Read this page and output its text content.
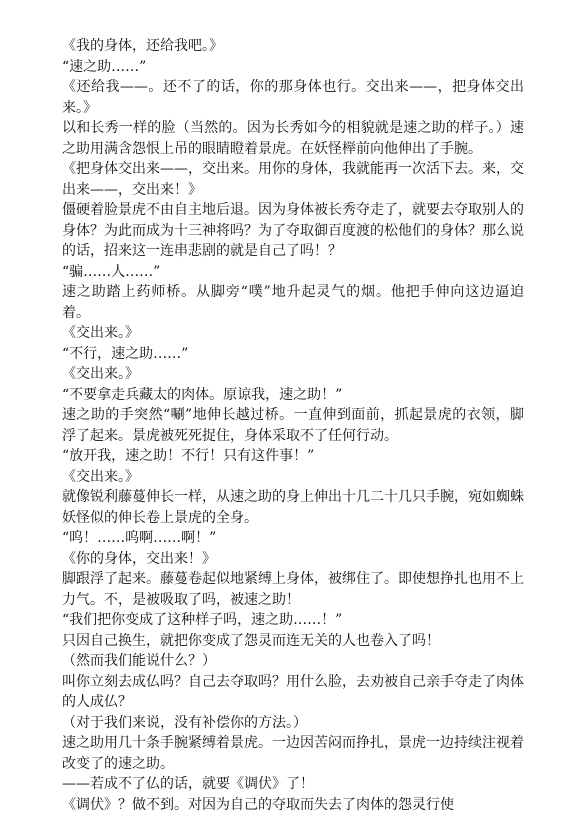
《我的身体，还给我吧。》

“速之助……”

《还给我——。还不了的话，你的那身体也行。交出来——，把身体交出来。》

以和长秀一样的脸（当然的。因为长秀如今的相貌就是速之助的样子。）速之助用满含怨恨上吊的眼睛瞪着景虎。在妖怪榉前向他伸出了手腕。

《把身体交出来——，交出来。用你的身体，我就能再一次活下去。来，交出来——，交出来！》

僵硬着脸景虎不由自主地后退。因为身体被长秀夺走了，就要去夺取别人的身体？为此而成为十三神将吗？为了夺取御百度渡的松他们的身体？那么说的话，招来这一连串悲剧的就是自己了吗！？

“骗……人……”

速之助踏上药师桥。从脚旁“噗”地升起灵气的烟。他把手伸向这边逼迫着。

《交出来。》

“不行，速之助……”

《交出来。》

“不要拿走兵藏太的肉体。原谅我，速之助！”

速之助的手突然“唰”地伸长越过桥。一直伸到面前，抓起景虎的衣领，脚浮了起来。景虎被死死捉住，身体采取不了任何行动。

“放开我，速之助！不行！只有这件事！”

《交出来。》

就像锐利藤蔓伸长一样，从速之助的身上伸出十几二十几只手腕，宛如蜘蛛妖怪似的伸长卷上景虎的全身。

“呜！……呜啊……啊！”

《你的身体，交出来！》

脚跟浮了起来。藤蔓卷起似地紧缚上身体，被绑住了。即使想挣扎也用不上力气。不，是被吸取了吗，被速之助！

“我们把你变成了这种样子吗，速之助……！”

只因自己换生，就把你变成了怨灵而连无关的人也卷入了吗！

（然而我们能说什么？）

叫你立刻去成仏吗？自己去夺取吗？用什么脸，去劝被自己亲手夺走了肉体的人成仏？

（对于我们来说，没有补偿你的方法。）

速之助用几十条手腕紧缚着景虎。一边因苦闷而挣扎，景虎一边持续注视着改变了的速之助。

——若成不了仏的话，就要《调伏》了！

《调伏》？做不到。对因为自己的夺取而失去了肉体的怨灵行使
